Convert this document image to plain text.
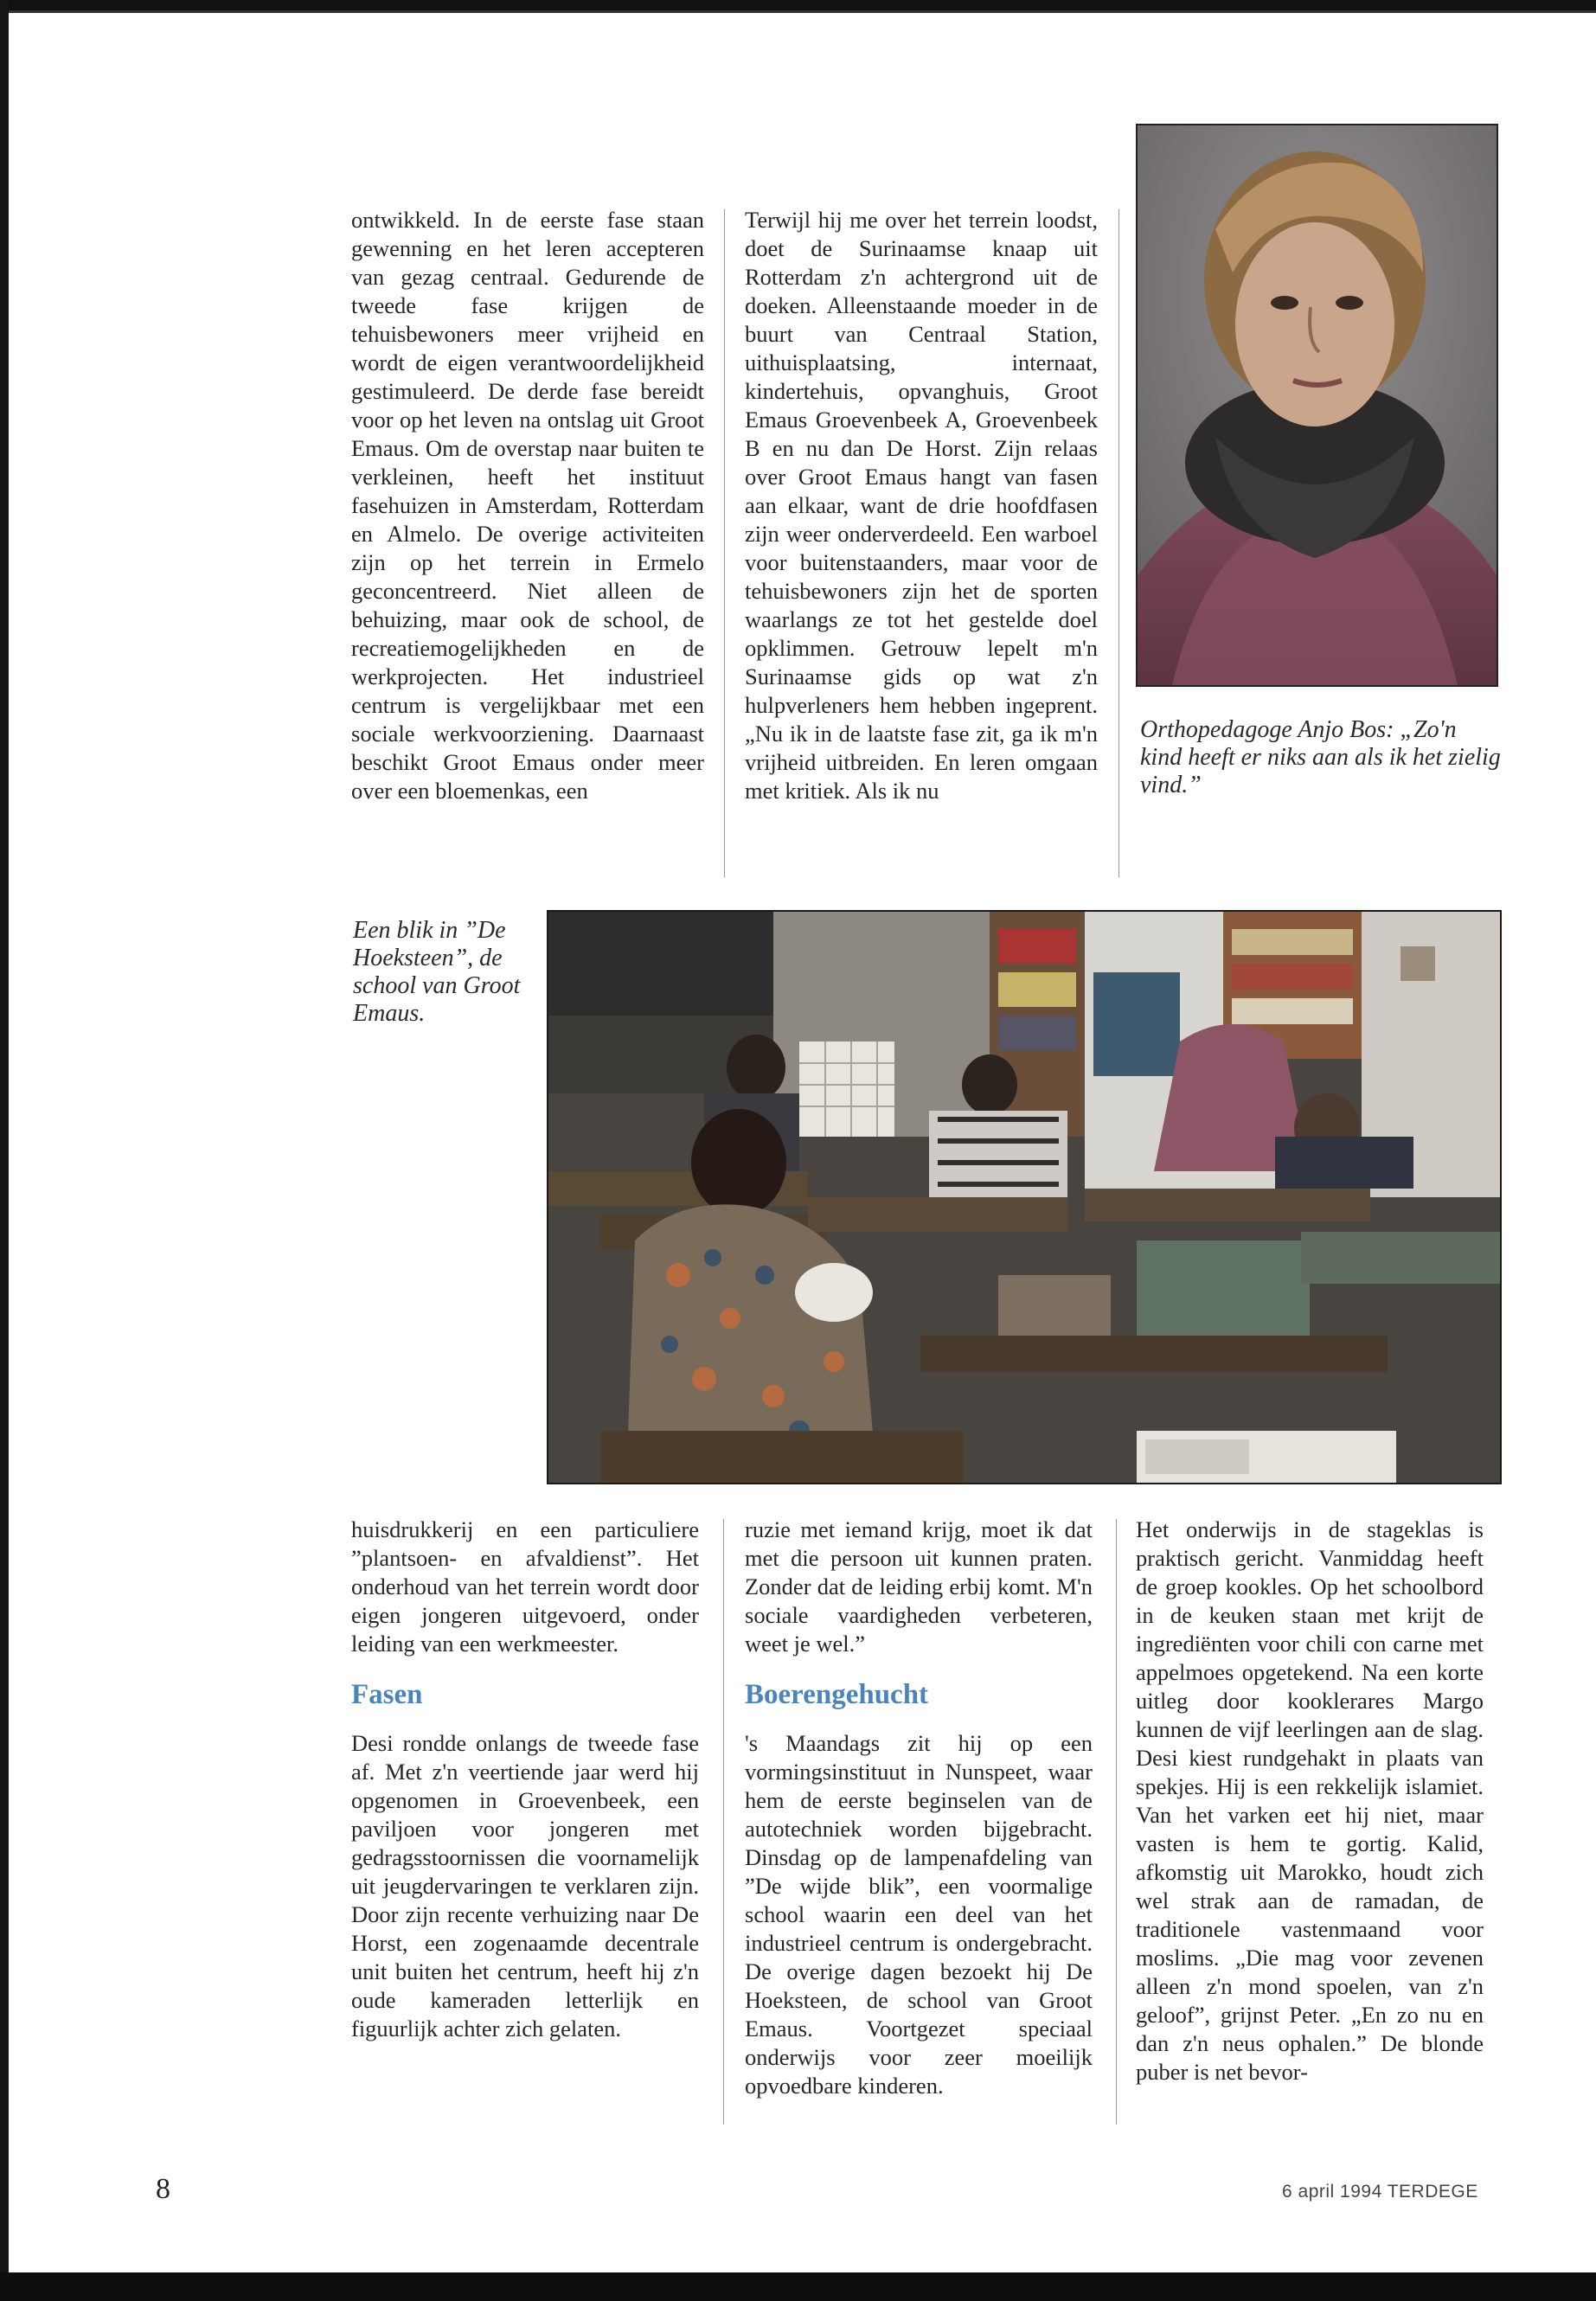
ontwikkeld. In de eerste fase staan gewenning en het leren accepteren van gezag centraal. Gedurende de tweede fase krijgen de tehuisbewoners meer vrijheid en wordt de eigen verantwoordelijkheid gestimuleerd. De derde fase bereidt voor op het leven na ontslag uit Groot Emaus. Om de overstap naar buiten te verkleinen, heeft het instituut fasehuizen in Amsterdam, Rotterdam en Almelo. De overige activiteiten zijn op het terrein in Ermelo geconcentreerd. Niet alleen de behuizing, maar ook de school, de recreatiemogelijkheden en de werkprojecten. Het industrieel centrum is vergelijkbaar met een sociale werkvoorziening. Daarnaast beschikt Groot Emaus onder meer over een bloemenkas, een

Terwijl hij me over het terrein loodst, doet de Surinaamse knaap uit Rotterdam z'n achtergrond uit de doeken. Alleenstaande moeder in de buurt van Centraal Station, uithuisplaatsing, internaat, kindertehuis, opvanghuis, Groot Emaus Groevenbeek A, Groevenbeek B en nu dan De Horst. Zijn relaas over Groot Emaus hangt van fasen aan elkaar, want de drie hoofdfasen zijn weer onderverdeeld. Een warboel voor buitenstaanders, maar voor de tehuisbewoners zijn het de sporten waarlangs ze tot het gestelde doel opklimmen. Getrouw lepelt m'n Surinaamse gids op wat z'n hulpverleners hem hebben ingeprent. „Nu ik in de laatste fase zit, ga ik m'n vrijheid uitbreiden. En leren omgaan met kritiek. Als ik nu

Orthopedagoge Anjo Bos: „Zo'n kind heeft er niks aan als ik het zielig vind.”
Een blik in ”De Hoeksteen”, de school van Groot Emaus.

huisdrukkerij en een particuliere ”plantsoen- en afvaldienst”. Het onderhoud van het terrein wordt door eigen jongeren uitgevoerd, onder leiding van een werkmeester.

Fasen

Desi rondde onlangs de tweede fase af. Met z'n veertiende jaar werd hij opgenomen in Groevenbeek, een paviljoen voor jongeren met gedragsstoornissen die voornamelijk uit jeugdervaringen te verklaren zijn. Door zijn recente verhuizing naar De Horst, een zogenaamde decentrale unit buiten het centrum, heeft hij z'n oude kameraden letterlijk en figuurlijk achter zich gelaten.

ruzie met iemand krijg, moet ik dat met die persoon uit kunnen praten. Zonder dat de leiding erbij komt. M'n sociale vaardigheden verbeteren, weet je wel.”

Boerengehucht

's Maandags zit hij op een vormingsinstituut in Nunspeet, waar hem de eerste beginselen van de autotechniek worden bijgebracht. Dinsdag op de lampenafdeling van ”De wijde blik”, een voormalige school waarin een deel van het industrieel centrum is ondergebracht. De overige dagen bezoekt hij De Hoeksteen, de school van Groot Emaus. Voortgezet speciaal onderwijs voor zeer moeilijk opvoedbare kinderen.

Het onderwijs in de stageklas is praktisch gericht. Vanmiddag heeft de groep kookles. Op het schoolbord in de keuken staan met krijt de ingrediënten voor chili con carne met appelmoes opgetekend. Na een korte uitleg door kooklerares Margo kunnen de vijf leerlingen aan de slag. Desi kiest rundgehakt in plaats van spekjes. Hij is een rekkelijk islamiet. Van het varken eet hij niet, maar vasten is hem te gortig. Kalid, afkomstig uit Marokko, houdt zich wel strak aan de ramadan, de traditionele vastenmaand voor moslims. „Die mag voor zevenen alleen z'n mond spoelen, van z'n geloof”, grijnst Peter. „En zo nu en dan z'n neus ophalen.” De blonde puber is net bevor-

8	6 april 1994 TERDEGE
